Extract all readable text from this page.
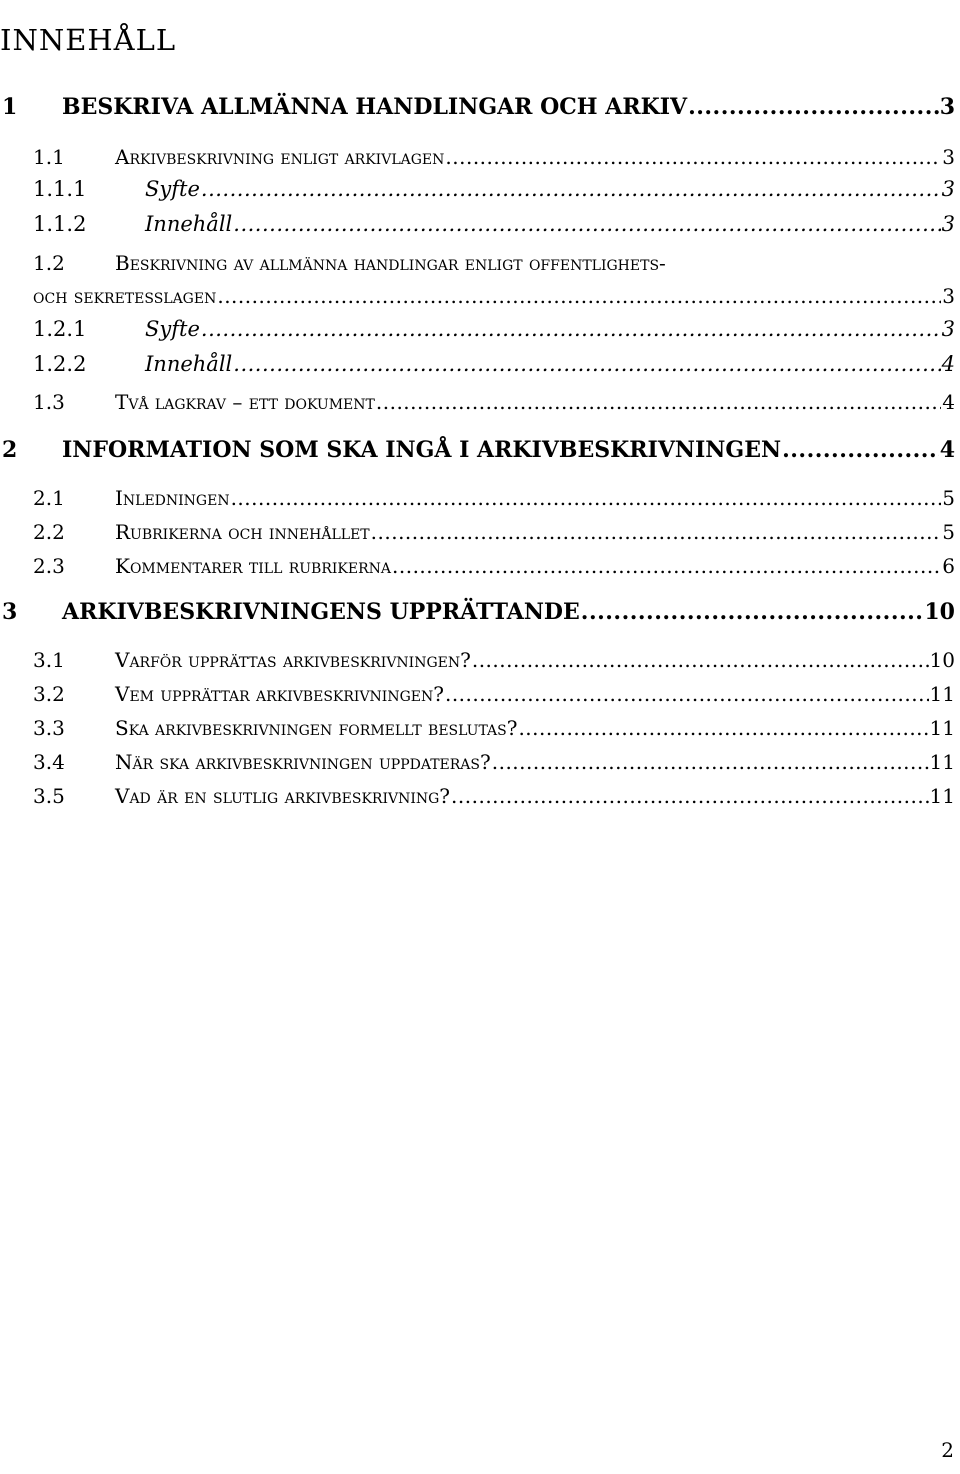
INNEHÅLL
1	BESKRIVA ALLMÄNNA HANDLINGAR OCH ARKIV .....	3
1.1	Arkivbeskrivning enligt arkivlagen .....	3
1.1.1	Syfte .....	3
1.1.2	Innehåll .....	3
1.2	Beskrivning av allmänna handlingar enligt offentlighets-
och sekretesslagen .....	3
1.2.1	Syfte .....	3
1.2.2	Innehåll .....	4
1.3	Två lagkrav – ett dokument .....	4
2	INFORMATION SOM SKA INGÅ I ARKIVBESKRIVNINGEN .....	4
2.1	Inledningen .....	5
2.2	Rubrikerna och innehållet .....	5
2.3	Kommentarer till rubrikerna .....	6
3	ARKIVBESKRIVNINGENS UPPRÄTTANDE .....	10
3.1	Varför upprättas arkivbeskrivningen? .....	10
3.2	Vem upprättar arkivbeskrivningen? .....	11
3.3	Ska arkivbeskrivningen formellt beslutas? .....	11
3.4	När ska arkivbeskrivningen uppdateras? .....	11
3.5	Vad är en slutlig arkivbeskrivning? .....	11
2
